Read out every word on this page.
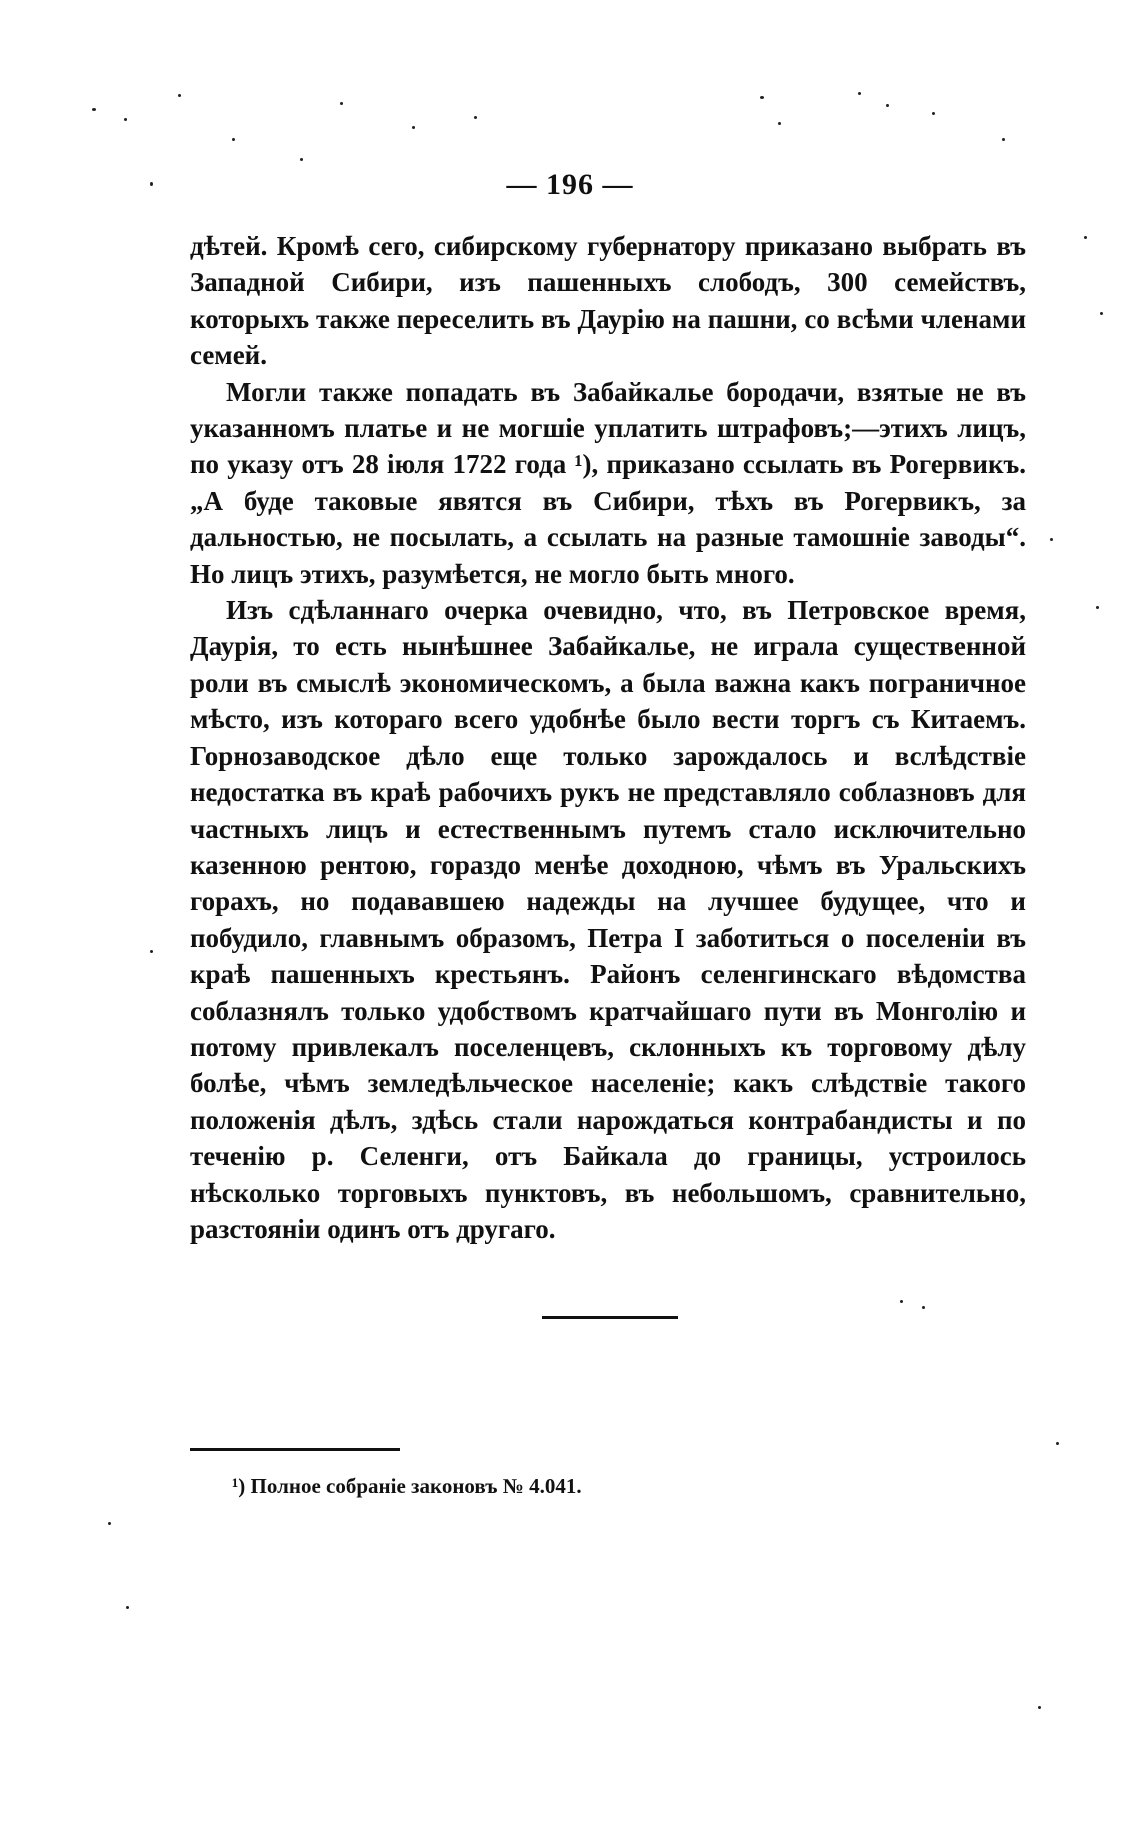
— 196 —

дѣтей. Кромѣ сего, сибирскому губернатору приказано выбрать въ Западной Сибири, изъ пашенныхъ слободъ, 300 семействъ, которыхъ также переселить въ Даурію на пашни, со всѣми членами семей.

Могли также попадать въ Забайкалье бородачи, взятые не въ указанномъ платье и не могшіе уплатить штрафовъ;—этихъ лицъ, по указу отъ 28 іюля 1722 года ¹), приказано ссылать въ Рогервикъ. „А буде таковые явятся въ Сибири, тѣхъ въ Рогервикъ, за дальностью, не посылать, а ссылать на разные тамошніе заводы“. Но лицъ этихъ, разумѣется, не могло быть много.

Изъ сдѣланнаго очерка очевидно, что, въ Петровское время, Даурія, то есть нынѣшнее Забайкалье, не играла существенной роли въ смыслѣ экономическомъ, а была важна какъ пограничное мѣсто, изъ котораго всего удобнѣе было вести торгъ съ Китаемъ. Горнозаводское дѣло еще только зарождалось и вслѣдствіе недостатка въ краѣ рабочихъ рукъ не представляло соблазновъ для частныхъ лицъ и естественнымъ путемъ стало исключительно казенною рентою, гораздо менѣе доходною, чѣмъ въ Уральскихъ горахъ, но подававшею надежды на лучшее будущее, что и побудило, главнымъ образомъ, Петра I заботиться о поселеніи въ краѣ пашенныхъ крестьянъ. Районъ селенгинскаго вѣдомства соблазнялъ только удобствомъ кратчайшаго пути въ Монголію и потому привлекалъ поселенцевъ, склонныхъ къ торговому дѣлу болѣе, чѣмъ земледѣльческое населеніе; какъ слѣдствіе такого положенія дѣлъ, здѣсь стали нарождаться контрабандисты и по теченію р. Селенги, отъ Байкала до границы, устроилось нѣсколько торговыхъ пунктовъ, въ небольшомъ, сравнительно, разстояніи одинъ отъ другаго.

¹) Полное собраніе законовъ № 4.041.
